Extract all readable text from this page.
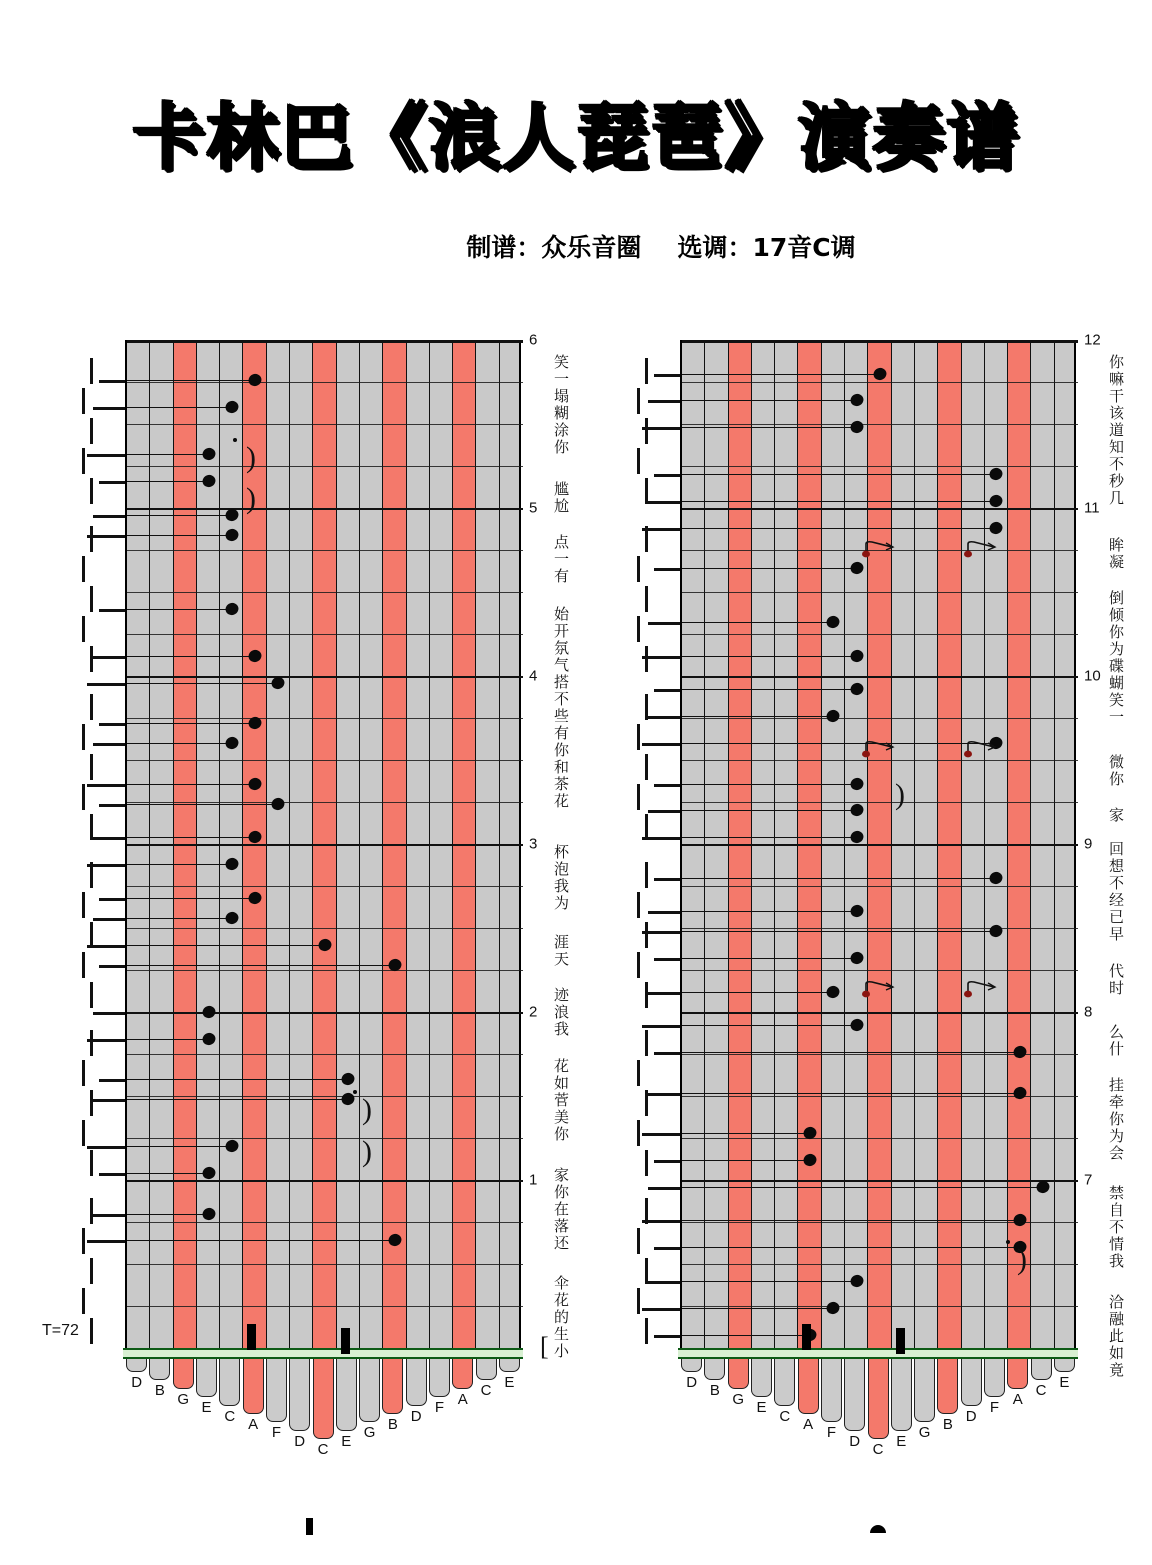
卡林巴《浪人琵琶》演奏谱
制谱：众乐音圈 选调：17音C调
T=72
)
)
)
)
6
5
4
3
2
1
笑一塌糊涂你
尴尬
点一有
始开氛气搭不些有你和茶花
杯泡我为
涯天
迹浪我
花如菅美你
家你在落还
伞花的生小
D B G E C A F D C E G B D F A C E
)
)
12
11
10
9
8
7
你嘛干该道知不秒几
眸凝
倒倾你为碟蝴笑一
微你
家
回想不经已早 代时
么什
挂牵你为会
禁自不情我
洽融此如竟
D B G E C A F D C E G B D F A C E
[
